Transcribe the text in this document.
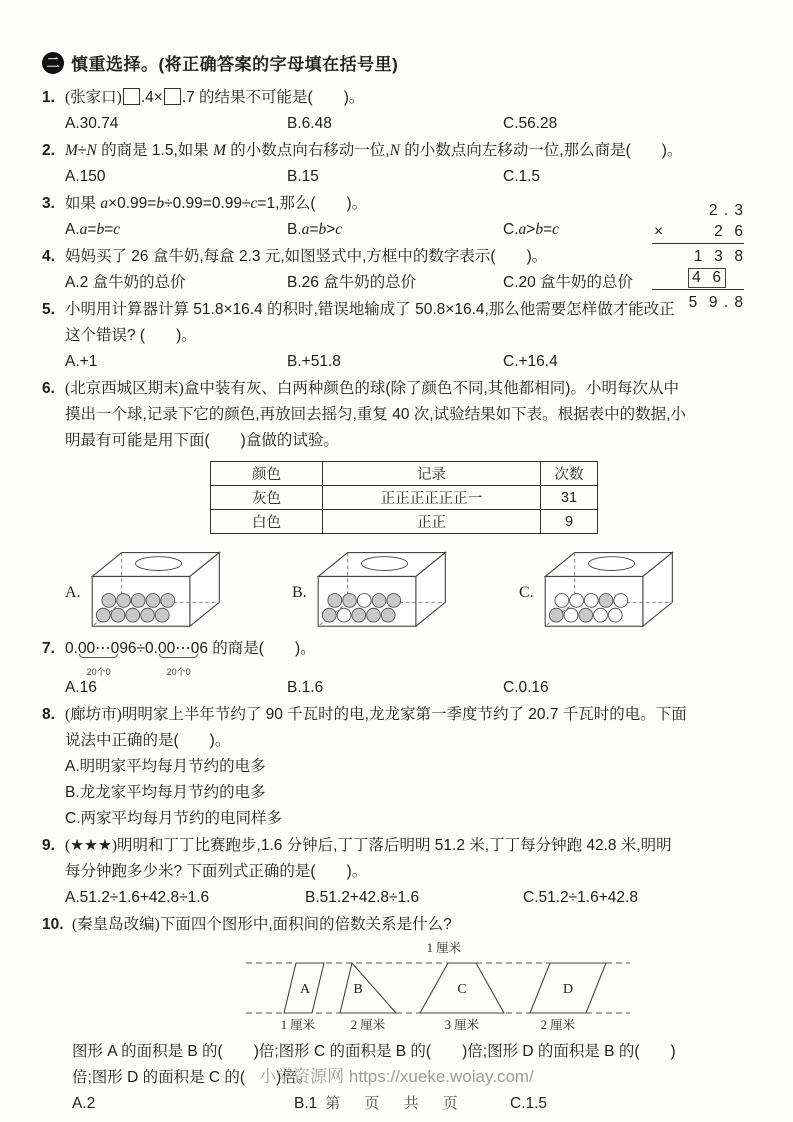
二 慎重选择。(将正确答案的字母填在括号里)
1. (张家口) .4× .7 的结果不可能是(　　)。
A.30.74	B.6.48	C.56.28
2. M÷N 的商是 1.5,如果 M 的小数点向右移动一位,N 的小数点向左移动一位,那么商是(　　)。
A.150	B.15	C.1.5
3. 如果 a×0.99=b÷0.99=0.99÷c=1,那么(　　)。
A.a=b=c	B.a=b>c	C.a>b=c
4. 妈妈买了 26 盒牛奶,每盒 2.3 元,如图竖式中,方框中的数字表示(　　)。
A.2 盒牛奶的总价	B.26 盒牛奶的总价	C.20 盒牛奶的总价
2 . 3
×	2  6
1  3  8
4  6
5  9 . 8
5. 小明用计算器计算 51.8×16.4 的积时,错误地输成了 50.8×16.4,那么他需要怎样做才能改正
这个错误? (　　)。
A.+1	B.+51.8	C.+16.4
6. (北京西城区期末)盒中装有灰、白两种颜色的球(除了颜色不同,其他都相同)。小明每次从中
摸出一个球,记录下它的颜色,再放回去摇匀,重复 40 次,试验结果如下表。根据表中的数据,小
明最有可能是用下面(　　)盒做的试验。
颜色	记录	次数
灰色	正正正正正正一	31
白色	正正	9
A.	B.	C.
7. 0.00⋯0
20个0
96÷0.00⋯0
20个0
6 的商是(　　)。
A.16	B.1.6	C.0.16
8. (廊坊市)明明家上半年节约了 90 千瓦时的电,龙龙家第一季度节约了 20.7 千瓦时的电。下面
说法中正确的是(　　)。
A.明明家平均每月节约的电多
B.龙龙家平均每月节约的电多
C.两家平均每月节约的电同样多
9. (★★★)明明和丁丁比赛跑步,1.6 分钟后,丁丁落后明明 51.2 米,丁丁每分钟跑 42.8 米,明明
每分钟跑多少米? 下面列式正确的是(　　)。
A.51.2÷1.6+42.8÷1.6	B.51.2+42.8÷1.6	C.51.2÷1.6+42.8
10. (秦皇岛改编)下面四个图形中,面积间的倍数关系是什么?
1 厘米
A	B	C	D
1 厘米	2 厘米	3 厘米	2 厘米
图形 A 的面积是 B 的(　　)倍;图形 C 的面积是 B 的(　　)倍;图形 D 的面积是 B 的(　　)
倍;图形 D 的面积是 C 的(　　)倍。
A.2	B.1	C.1.5
小学资源网 https://xueke.woiay.com/
第 页 共 页
